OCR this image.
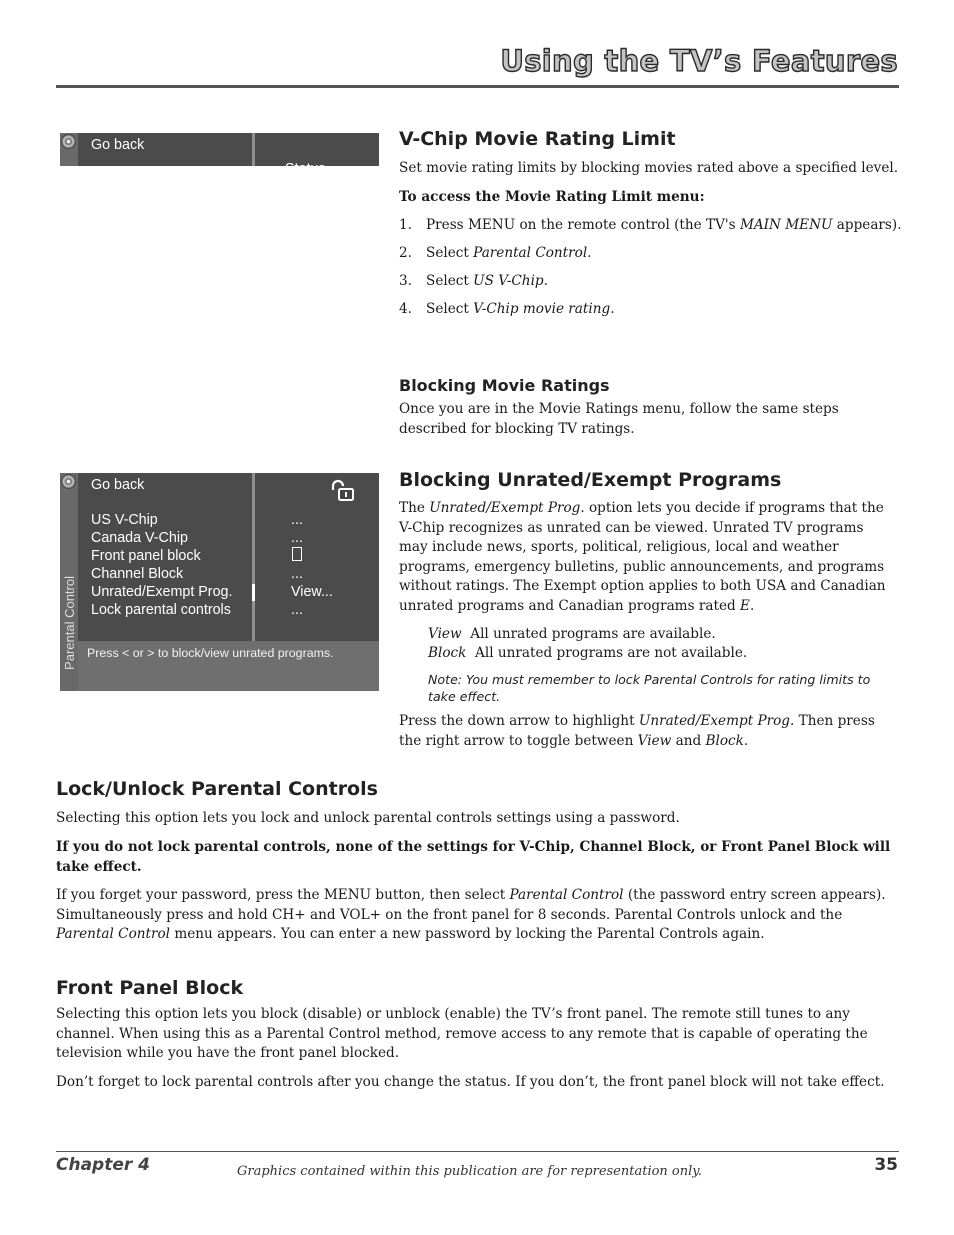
Using the TV’s Features
Go back
Status
V-Chip Movie Rating Limit

Set movie rating limits by blocking movies rated above a specified level.

To access the Movie Rating Limit menu:

1. Press MENU on the remote control (the TV's MAIN MENU appears).
2. Select Parental Control.
3. Select US V-Chip.
4. Select V-Chip movie rating.
Blocking Movie Ratings

Once you are in the Movie Ratings menu, follow the same steps described for blocking TV ratings.

Parental Control
Go back
US V-Chip
Canada V-Chip
Front panel block
Channel Block
Unrated/Exempt Prog.
Lock parental controls
...
...
...
View...
...
Press < or > to block/view unrated programs.
Blocking Unrated/Exempt Programs

The Unrated/Exempt Prog. option lets you decide if programs that the V-Chip recognizes as unrated can be viewed. Unrated TV programs may include news, sports, political, religious, local and weather programs, emergency bulletins, public announcements, and programs without ratings. The Exempt option applies to both USA and Canadian unrated programs and Canadian programs rated E.

View All unrated programs are available.

Block All unrated programs are not available.

Note: You must remember to lock Parental Controls for rating limits to take effect.

Press the down arrow to highlight Unrated/Exempt Prog. Then press the right arrow to toggle between View and Block.

Lock/Unlock Parental Controls

Selecting this option lets you lock and unlock parental controls settings using a password.

If you do not lock parental controls, none of the settings for V-Chip, Channel Block, or Front Panel Block will take effect.

If you forget your password, press the MENU button, then select Parental Control (the password entry screen appears). Simultaneously press and hold CH+ and VOL+ on the front panel for 8 seconds. Parental Controls unlock and the Parental Control menu appears. You can enter a new password by locking the Parental Controls again.

Front Panel Block

Selecting this option lets you block (disable) or unblock (enable) the TV’s front panel. The remote still tunes to any channel. When using this as a Parental Control method, remove access to any remote that is capable of operating the television while you have the front panel blocked.

Don’t forget to lock parental controls after you change the status. If you don’t, the front panel block will not take effect.

Chapter 4	Graphics contained within this publication are for representation only.	35
